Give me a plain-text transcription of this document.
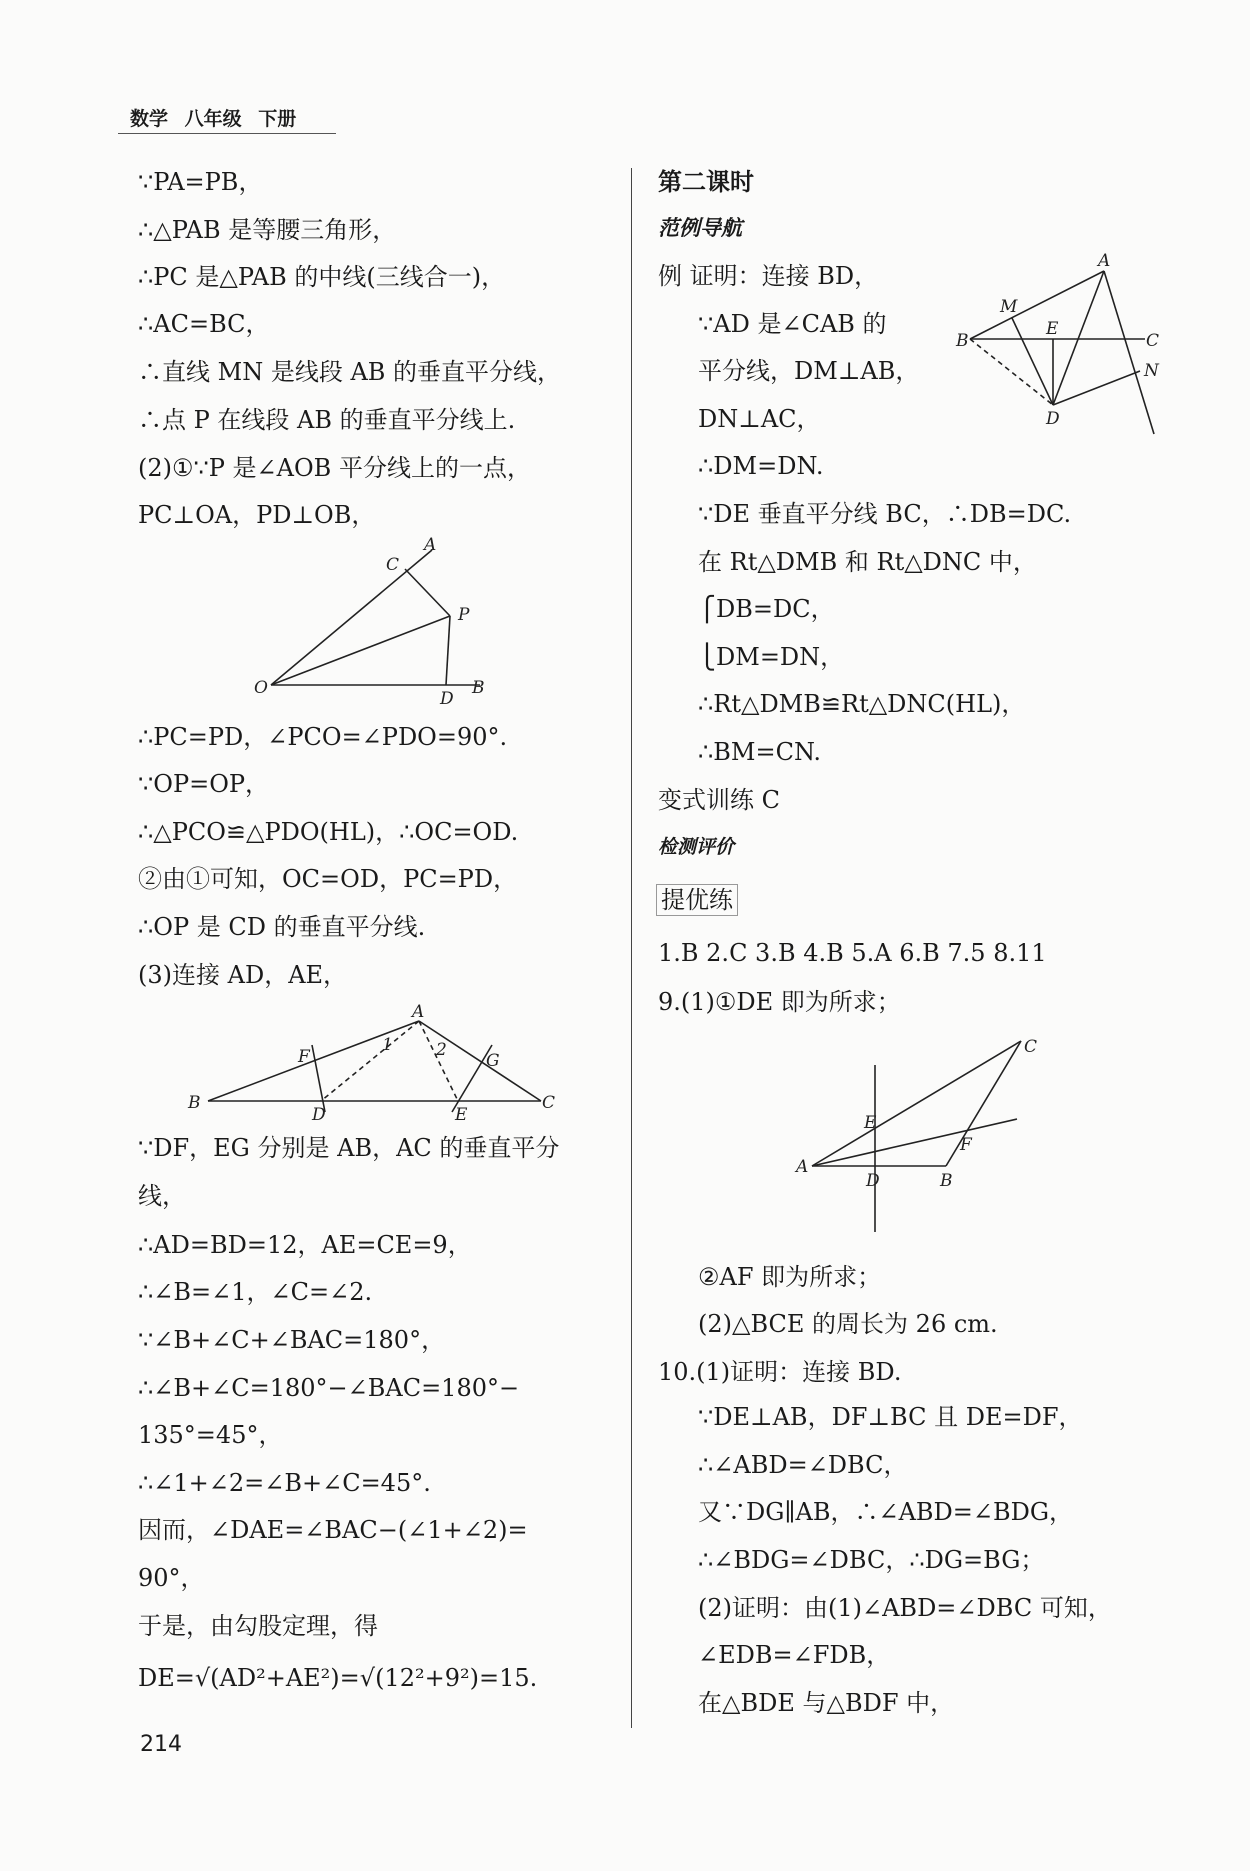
数学 八年级 下册
∵PA=PB，
∴△PAB 是等腰三角形，
∴PC 是△PAB 的中线(三线合一)，
∴AC=BC，
∴直线 MN 是线段 AB 的垂直平分线，
∴点 P 在线段 AB 的垂直平分线上.
(2)①∵P 是∠AOB 平分线上的一点，
PC⊥OA，PD⊥OB，
∴PC=PD，∠PCO=∠PDO=90°.
∵OP=OP，
∴△PCO≌△PDO(HL)，∴OC=OD.
②由①可知，OC=OD，PC=PD，
∴OP 是 CD 的垂直平分线.
(3)连接 AD，AE，
∵DF，EG 分别是 AB，AC 的垂直平分
线，
∴AD=BD=12，AE=CE=9，
∴∠B=∠1，∠C=∠2.
∵∠B+∠C+∠BAC=180°，
∴∠B+∠C=180°−∠BAC=180°−
135°=45°，
∴∠1+∠2=∠B+∠C=45°.
因而，∠DAE=∠BAC−(∠1+∠2)=
90°，
于是，由勾股定理，得
DE=√(AD²+AE²)=√(12²+9²)=15.
第二课时
范例导航
例 证明：连接 BD，
∵AD 是∠CAB 的
平分线，DM⊥AB，
DN⊥AC，
∴DM=DN.
∵DE 垂直平分线 BC，∴DB=DC.
在 Rt△DMB 和 Rt△DNC 中，
⎧DB=DC，
⎩DM=DN，
∴Rt△DMB≌Rt△DNC(HL)，
∴BM=CN.
变式训练 C
检测评价
提优练
1.B 2.C 3.B 4.B 5.A 6.B 7.5 8.11
9.(1)①DE 即为所求；
②AF 即为所求；
(2)△BCE 的周长为 26 cm.
10.(1)证明：连接 BD.
∵DE⊥AB，DF⊥BC 且 DE=DF，
∴∠ABD=∠DBC，
又∵DG∥AB，∴∠ABD=∠BDG，
∴∠BDG=∠DBC，∴DG=BG；
(2)证明：由(1)∠ABD=∠DBC 可知，
∠EDB=∠FDB，
在△BDE 与△BDF 中，
C
A
P
O
D
B
A
F
1	2
G
B
D	E
C
A
M
E
B	C
N
D
C
E
F
A
D	B
214
